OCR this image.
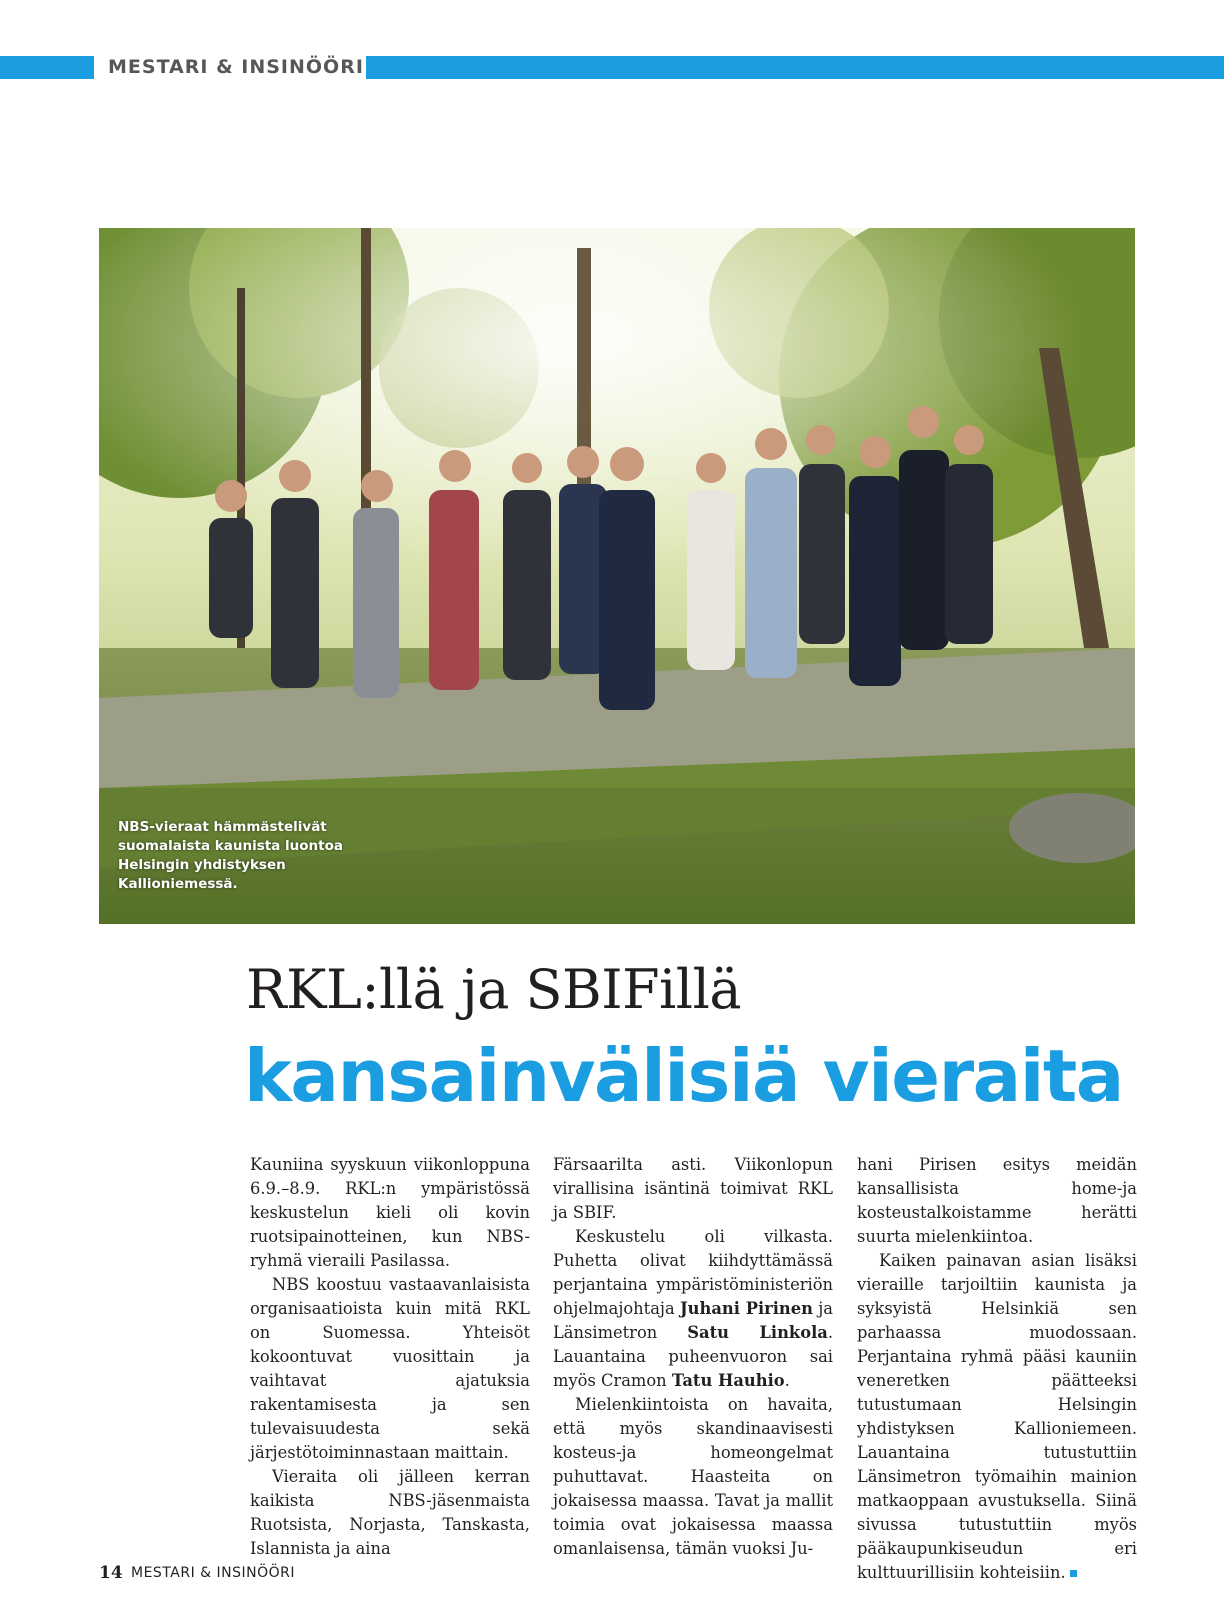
MESTARI & INSINÖÖRI
NBS-vieraat hämmästelivät suomalaista kaunista luontoa Helsingin yhdistyksen Kallioniemessä.
RKL:llä ja SBIFillä
kansainvälisiä vieraita

Kauniina syyskuun viikonloppuna 6.9.–8.9. RKL:n ympäristössä keskustelun kieli oli kovin ruotsipainotteinen, kun NBS-ryhmä vieraili Pasilassa.

NBS koostuu vastaavanlaisista organisaatioista kuin mitä RKL on Suomessa. Yhteisöt kokoontuvat vuosittain ja vaihtavat ajatuksia rakentamisesta ja sen tulevaisuudesta sekä järjestötoiminnastaan maittain.

Vieraita oli jälleen kerran kaikista NBS-jäsenmaista Ruotsista, Norjasta, Tanskasta, Islannista ja aina

Färsaarilta asti. Viikonlopun virallisina isäntinä toimivat RKL ja SBIF.

Keskustelu oli vilkasta. Puhetta olivat kiihdyttämässä perjantaina ympäristöministeriön ohjelmajohtaja Juhani Pirinen ja Länsimetron Satu Linkola. Lauantaina puheenvuoron sai myös Cramon Tatu Hauhio.

Mielenkiintoista on havaita, että myös skandinaavisesti kosteus-ja homeongelmat puhuttavat. Haasteita on jokaisessa maassa. Tavat ja mallit toimia ovat jokaisessa maassa omanlaisensa, tämän vuoksi Ju-

hani Pirisen esitys meidän kansallisista home-ja kosteustalkoistamme herätti suurta mielenkiintoa.

Kaiken painavan asian lisäksi vieraille tarjoiltiin kaunista ja syksyistä Helsinkiä sen parhaassa muodossaan. Perjantaina ryhmä pääsi kauniin veneretken päätteeksi tutustumaan Helsingin yhdistyksen Kallioniemeen. Lauantaina tutustuttiin Länsimetron työmaihin mainion matkaoppaan avustuksella. Siinä sivussa tutustuttiin myös pääkaupunkiseudun eri kulttuurillisiin kohteisiin.

14 MESTARI & INSINÖÖRI
